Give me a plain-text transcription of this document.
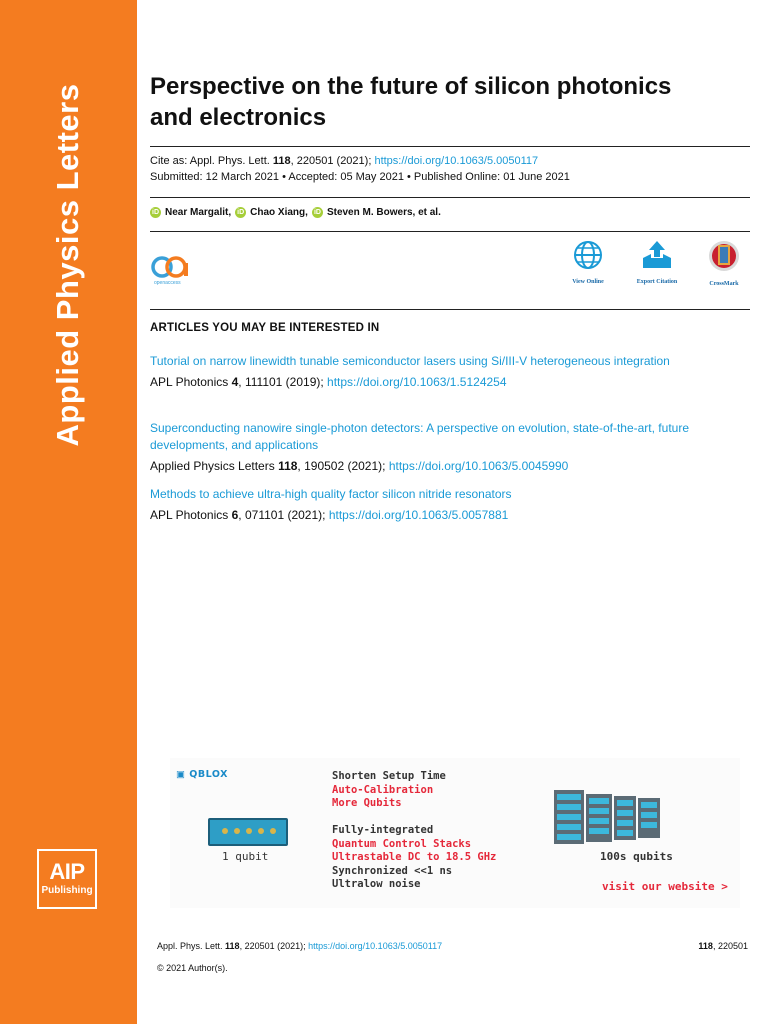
Applied Physics Letters
AIP
Publishing
Perspective on the future of silicon photonics and electronics
Cite as: Appl. Phys. Lett. 118, 220501 (2021); https://doi.org/10.1063/5.0050117
Submitted: 12 March 2021 • Accepted: 05 May 2021 • Published Online: 01 June 2021
iD Near Margalit, iD Chao Xiang, iD Steven M. Bowers, et al.
openaccess	View Online	Export Citation	CrossMark
ARTICLES YOU MAY BE INTERESTED IN
Tutorial on narrow linewidth tunable semiconductor lasers using Si/III-V heterogeneous integration
APL Photonics 4, 111101 (2019); https://doi.org/10.1063/1.5124254
Superconducting nanowire single-photon detectors: A perspective on evolution, state-of-the-art, future developments, and applications
Applied Physics Letters 118, 190502 (2021); https://doi.org/10.1063/5.0045990
Methods to achieve ultra-high quality factor silicon nitride resonators
APL Photonics 6, 071101 (2021); https://doi.org/10.1063/5.0057881
▣ QBLOX
1 qubit
Shorten Setup Time
Auto-Calibration
More Qubits
Fully-integrated
Quantum Control Stacks
Ultrastable DC to 18.5 GHz
Synchronized <<1 ns
Ultralow noise
100s qubits
visit our website >
Appl. Phys. Lett. 118, 220501 (2021); https://doi.org/10.1063/5.0050117	118, 220501
© 2021 Author(s).
